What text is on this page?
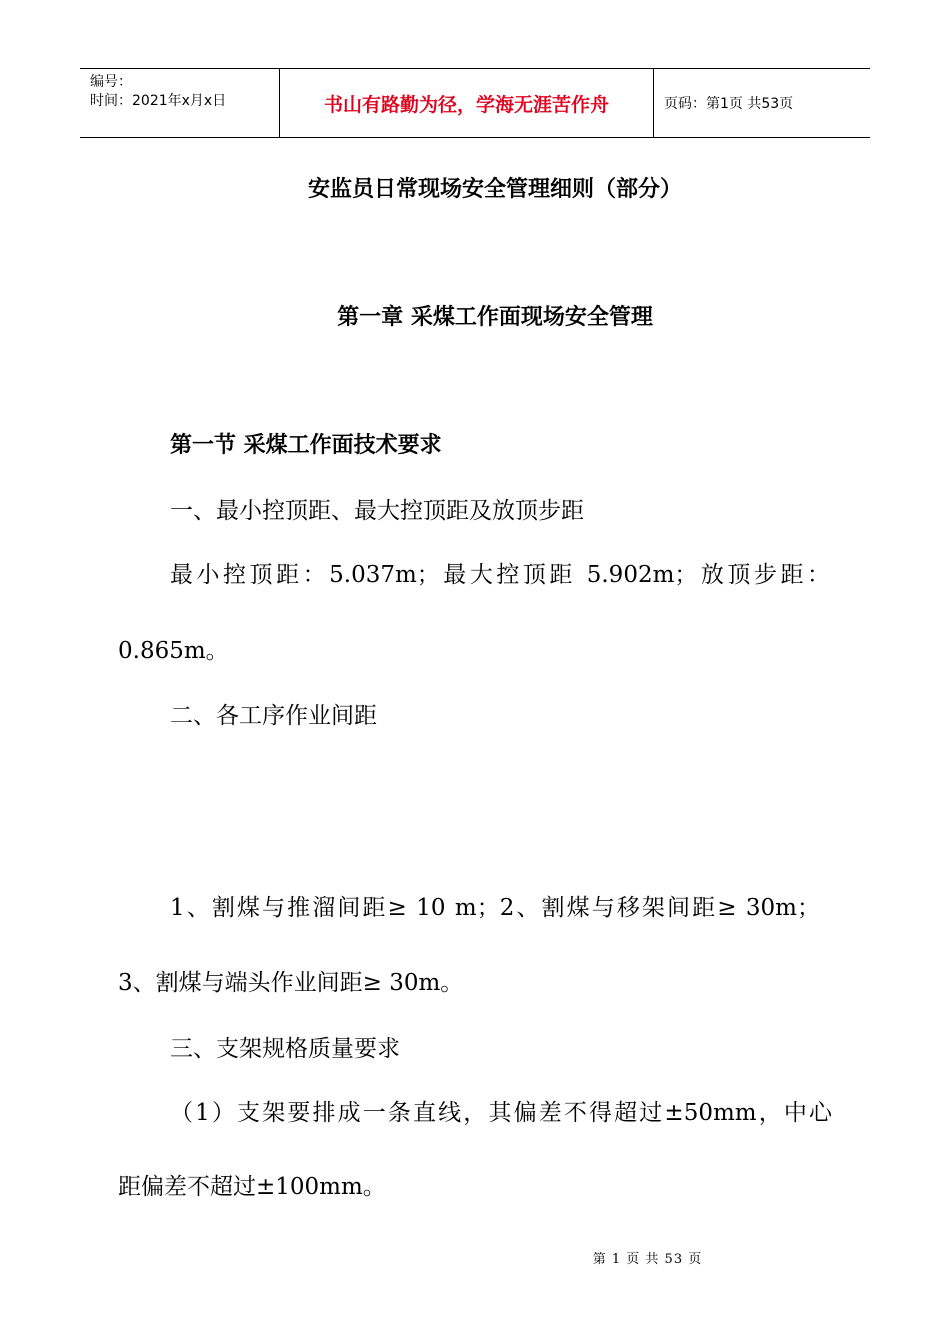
编号：
时间：2021年x月x日	书山有路勤为径，学海无涯苦作舟	页码：第1页 共53页
安监员日常现场安全管理细则（部分）
第一章 采煤工作面现场安全管理
第一节 采煤工作面技术要求
一、最小控顶距、最大控顶距及放顶步距
最小控顶距：5.037m；最大控顶距 5.902m；放顶步距：
0.865m。
二、各工序作业间距
1、割煤与推溜间距≥ 10 m；2、割煤与移架间距≥ 30m；
3、割煤与端头作业间距≥ 30m。
三、支架规格质量要求
（1）支架要排成一条直线，其偏差不得超过±50mm，中心
距偏差不超过±100mm。
第 1 页 共 53 页
